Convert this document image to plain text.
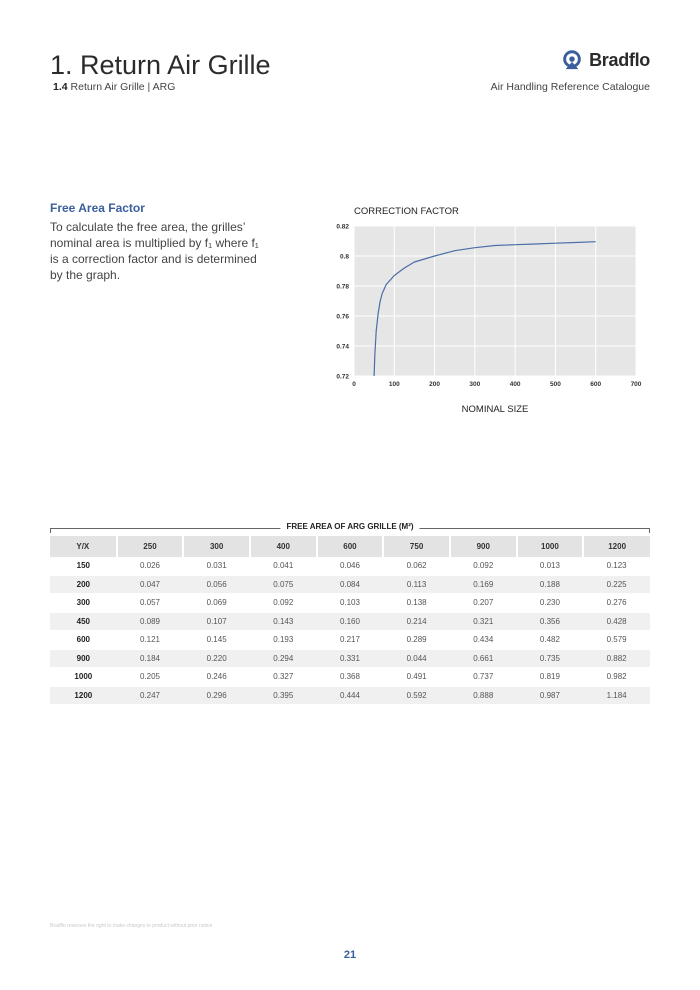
1. Return Air Grille
1.4 Return Air Grille | ARG
Bradflo
Air Handling Reference Catalogue
Free Area Factor
To calculate the free area, the grilles’ nominal area is multiplied by f₁ where f₁ is a correction factor and is determined by the graph.
CORRECTION FACTOR
0.72
0.74
0.76
0.78
0.8
0.82
0	100	200	300	400	500	600	700
NOMINAL SIZE
FREE AREA OF ARG GRILLE (M²)
Y/X	250	300	400	600	750	900	1000	1200
150	0.026	0.031	0.041	0.046	0.062	0.092	0.013	0.123
200	0.047	0.056	0.075	0.084	0.113	0.169	0.188	0.225
300	0.057	0.069	0.092	0.103	0.138	0.207	0.230	0.276
450	0.089	0.107	0.143	0.160	0.214	0.321	0.356	0.428
600	0.121	0.145	0.193	0.217	0.289	0.434	0.482	0.579
900	0.184	0.220	0.294	0.331	0.044	0.661	0.735	0.882
1000	0.205	0.246	0.327	0.368	0.491	0.737	0.819	0.982
1200	0.247	0.296	0.395	0.444	0.592	0.888	0.987	1.184
Bradflo reserves the right to make changes to product without prior notice
21
